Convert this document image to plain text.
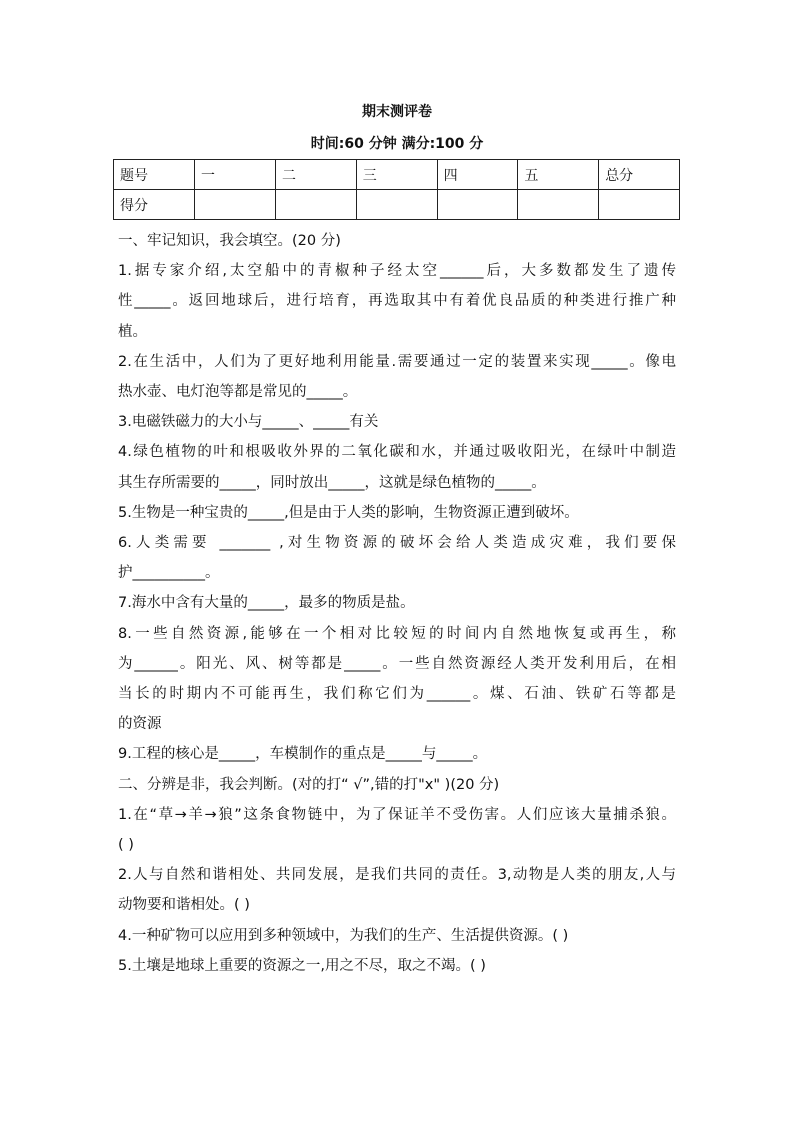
期末测评卷
时间:60 分钟 满分:100 分
题号	一	二	三	四	五	总分
得分						
一、牢记知识，我会填空。(20 分)
1.据专家介绍,太空船中的青椒种子经太空______后，大多数都发生了遗传
性_____。返回地球后，进行培育，再选取其中有着优良品质的种类进行推广种
植。
2.在生活中，人们为了更好地利用能量.需要通过一定的装置来实现_____。像电
热水壶、电灯泡等都是常见的_____。
3.电磁铁磁力的大小与_____、_____有关
4.绿色植物的叶和根吸收外界的二氧化碳和水，并通过吸收阳光，在绿叶中制造
其生存所需要的_____，同时放出_____，这就是绿色植物的_____。
5.生物是一种宝贵的_____,但是由于人类的影响，生物资源正遭到破坏。
6.人类需要 _______ ,对生物资源的破坏会给人类造成灾难，我们要保
护__________。
7.海水中含有大量的_____，最多的物质是盐。
8.一些自然资源,能够在一个相对比较短的时间内自然地恢复或再生，称
为______。阳光、风、树等都是_____。一些自然资源经人类开发利用后，在相
当长的时期内不可能再生，我们称它们为______。煤、石油、铁矿石等都是
的资源
9.工程的核心是_____，车模制作的重点是_____与_____。
二、分辨是非，我会判断。(对的打“ √”,错的打"x" )(20 分)
1.在“草→羊→狼”这条食物链中，为了保证羊不受伤害。人们应该大量捕杀狼。
( )
2.人与自然和谐相处、共同发展，是我们共同的责任。3,动物是人类的朋友,人与
动物要和谐相处。( )
4.一种矿物可以应用到多种领域中，为我们的生产、生活提供资源。( )
5.土壤是地球上重要的资源之一,用之不尽，取之不竭。( )
